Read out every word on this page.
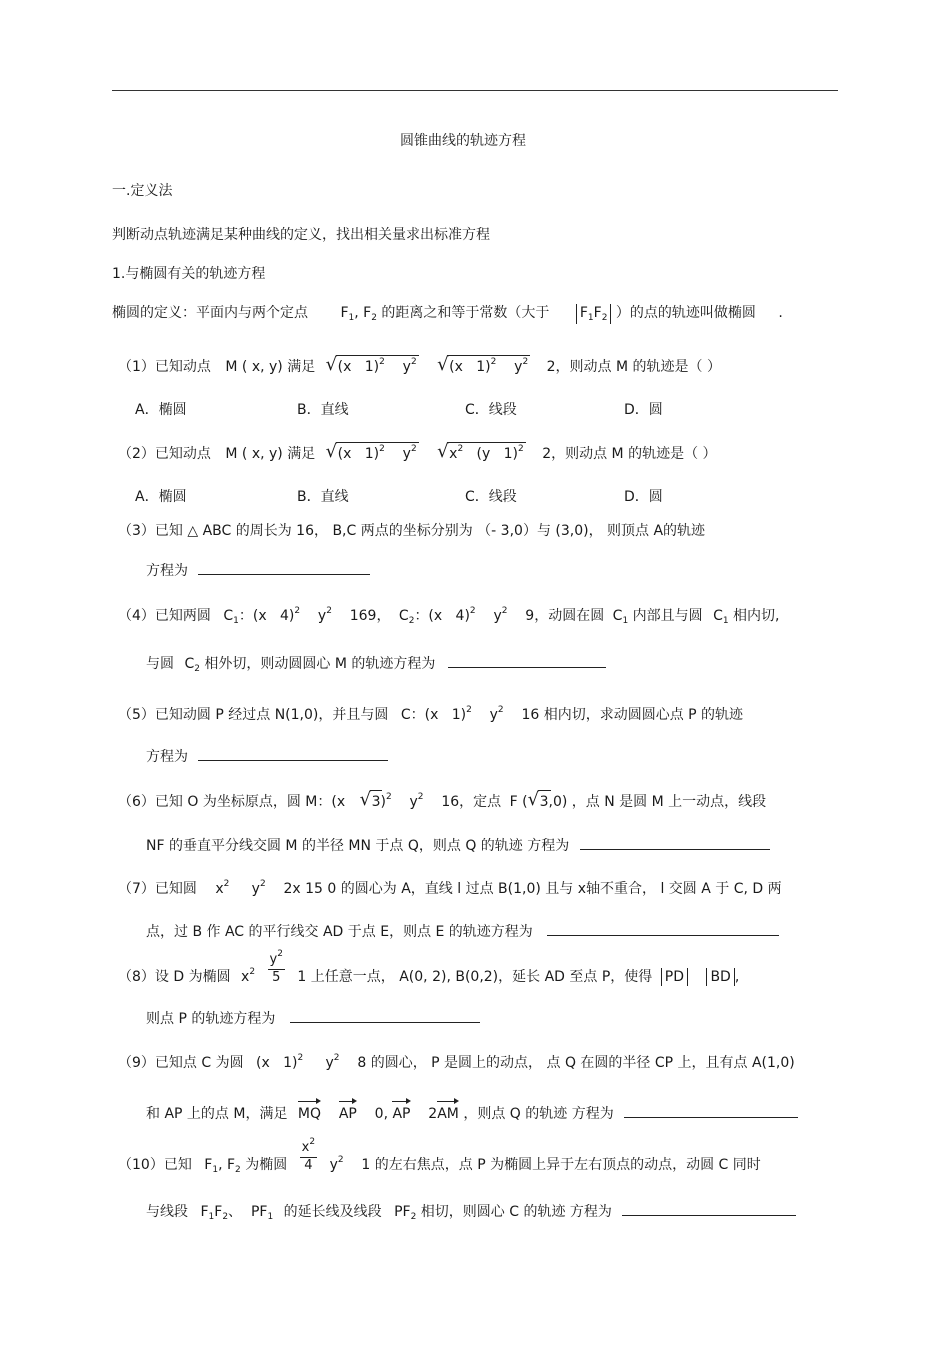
圆锥曲线的轨迹方程
一.定义法
判断动点轨迹满足某种曲线的定义，找出相关量求出标准方程
1.与椭圆有关的轨迹方程
椭圆的定义：平面内与两个定点 $F_1$, $F_2$ 的距离之和等于常数（大于 $F_1F_2$ ）的点的轨迹叫做椭圆 .
（1）已知动点 M ( x, y) 满足 √ (x   1)$^2$    $y^2$ √ (x   1)$^2$    $y^2$ 2，则动点 M 的轨迹是（ ）
A．椭圆	B．直线	C．线段	D．圆
（2）已知动点 M ( x, y) 满足 √ (x   1)$^2$    $y^2$ √ $x^2$   (y   1)$^2$ 2，则动点 M 的轨迹是（ ）
A．椭圆	B．直线	C．线段	D．圆
（3）已知 △ ABC 的周长为 16， B,C 两点的坐标分别为 （- 3,0）与 (3,0)， 则顶点 A的轨迹
方程为
（4）已知两圆 $C_1$：(x   4)$^2$    $y^2$ 169， $C_2$：(x   4)$^2$    $y^2$ 9，动圆在圆 $C_1$ 内部且与圆 $C_1$ 相内切,
与圆 $C_2$ 相外切，则动圆圆心 M 的轨迹方程为
（5）已知动圆 P 经过点 N(1,0)，并且与圆 C：(x   1)$^2$    $y^2$ 16 相内切，求动圆圆心点 P 的轨迹
方程为
（6）已知 O 为坐标原点，圆 M：(x √ 3)$^2$    $y^2$ 16，定点 F ( √ 3,0) ，点 N 是圆 M 上一动点，线段
NF 的垂直平分线交圆 M 的半径 MN 于点 Q，则点 Q 的轨迹 方程为
（7）已知圆 $x^2$     $y^2$ 2x 15 0 的圆心为 A，直线 l 过点 B(1,0) 且与 x轴不重合， l 交圆 A 于 C, D 两
点，过 B 作 AC 的平行线交 AD 于点 E，则点 E 的轨迹方程为
（8）设 D 为椭圆 $x^2 \frac{y^2}{5} 1$ 上任意一点， A(0, 2), B(0,2)，延长 AD 至点 P，使得 PD BD ,
则点 P 的轨迹方程为
（9）已知点 C 为圆 (x   1)$^2$     $y^2$ 8 的圆心， P 是圆上的动点， 点 Q 在圆的半径 CP 上，且有点 A(1,0)
和 AP 上的点 M，满足 MQ AP    0, AP    2AM ，则点 Q 的轨迹 方程为
（10）已知 $F_1$, $F_2$ 为椭圆 $\frac{x^2}{4} y^2$ 1 的左右焦点，点 P 为椭圆上异于左右顶点的动点，动圆 C 同时
与线段 $F_1F_2$、  $PF_1$ 的延长线及线段 $PF_2$ 相切，则圆心 C 的轨迹 方程为
